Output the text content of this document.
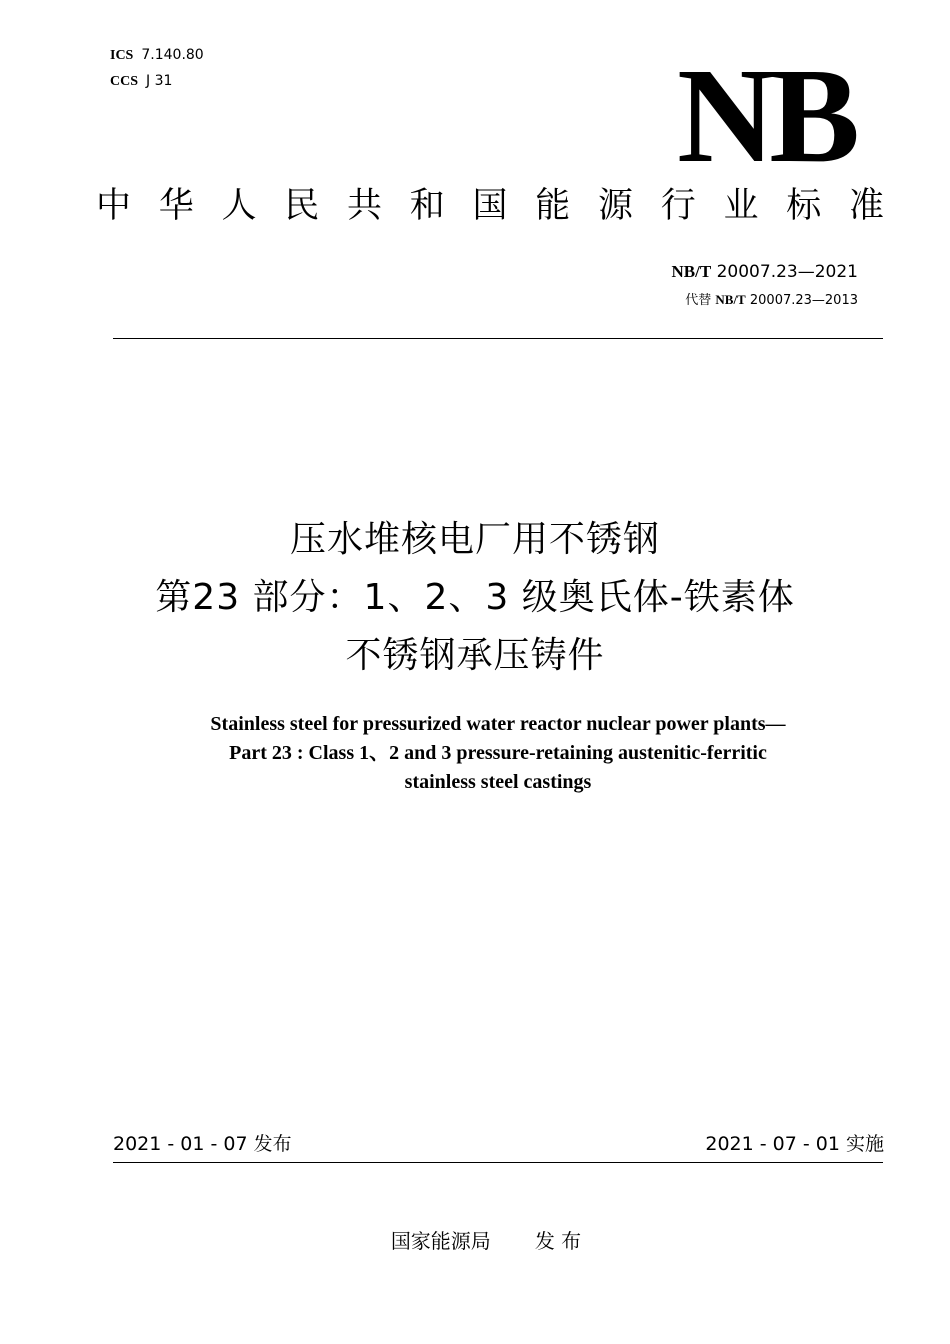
ICS 7.140.80
CCS J 31	NB
中华人民共和国能源行业标准
NB/T 20007.23—2021
代替 NB/T 20007.23—2013
压水堆核电厂用不锈钢
第23 部分：1、2、3 级奥氏体-铁素体
不锈钢承压铸件
Stainless steel for pressurized water reactor nuclear power plants—
Part 23 : Class 1、2 and 3 pressure-retaining austenitic-ferritic
stainless steel castings
2021 - 01 - 07 发布	2021 - 07 - 01 实施
国家能源局 发 布
